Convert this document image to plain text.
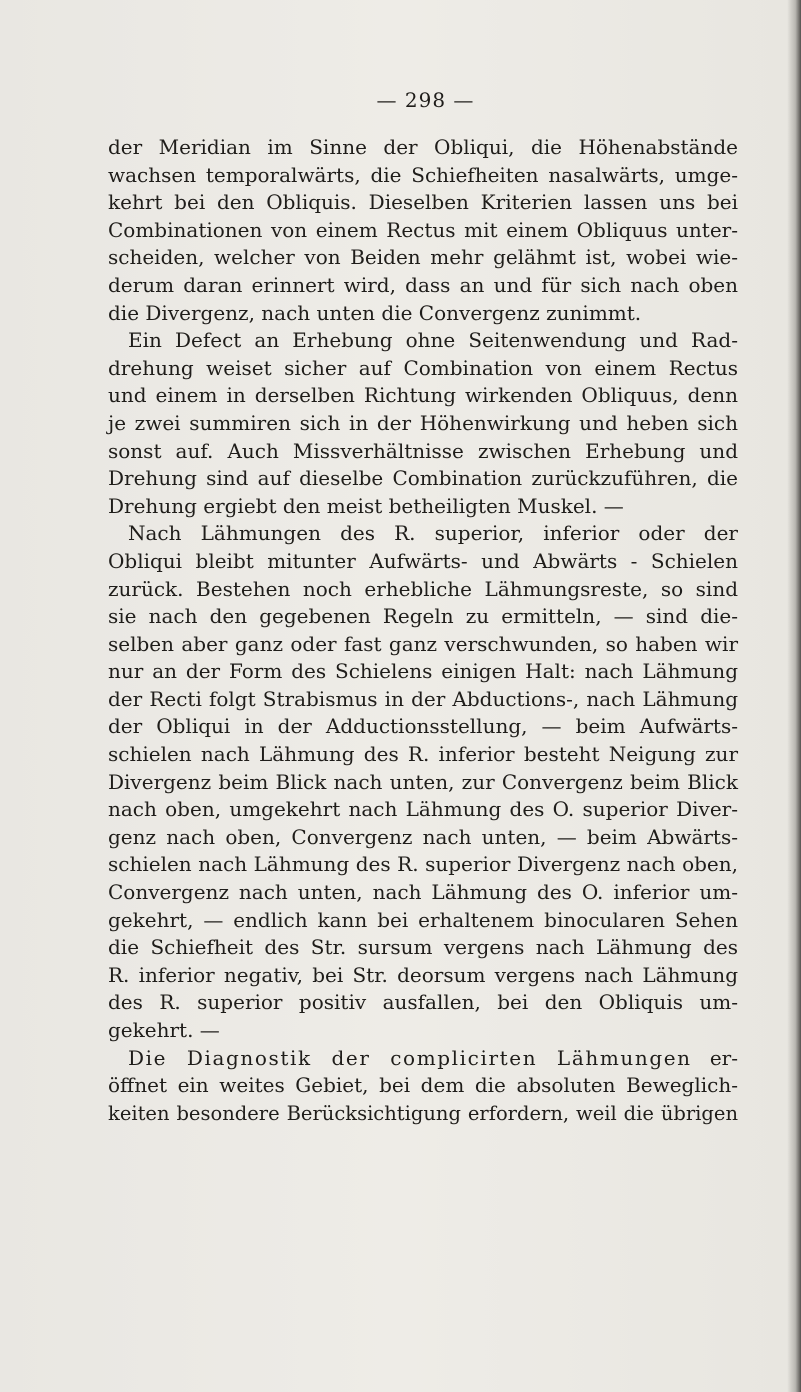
— 298 —

der Meridian im Sinne der Obliqui, die Höhenabstände
wachsen temporalwärts, die Schiefheiten nasalwärts, umge-
kehrt bei den Obliquis. Dieselben Kriterien lassen uns bei
Combinationen von einem Rectus mit einem Obliquus unter-
scheiden, welcher von Beiden mehr gelähmt ist, wobei wie-
derum daran erinnert wird, dass an und für sich nach oben
die Divergenz, nach unten die Convergenz zunimmt.

Ein Defect an Erhebung ohne Seitenwendung und Rad-
drehung weiset sicher auf Combination von einem Rectus
und einem in derselben Richtung wirkenden Obliquus, denn
je zwei summiren sich in der Höhenwirkung und heben sich
sonst auf. Auch Missverhältnisse zwischen Erhebung und
Drehung sind auf dieselbe Combination zurückzuführen, die
Drehung ergiebt den meist betheiligten Muskel. —

Nach Lähmungen des R. superior, inferior oder der
Obliqui bleibt mitunter Aufwärts- und Abwärts - Schielen
zurück. Bestehen noch erhebliche Lähmungsreste, so sind
sie nach den gegebenen Regeln zu ermitteln, — sind die-
selben aber ganz oder fast ganz verschwunden, so haben wir
nur an der Form des Schielens einigen Halt: nach Lähmung
der Recti folgt Strabismus in der Abductions-, nach Lähmung
der Obliqui in der Adductionsstellung, — beim Aufwärts-
schielen nach Lähmung des R. inferior besteht Neigung zur
Divergenz beim Blick nach unten, zur Convergenz beim Blick
nach oben, umgekehrt nach Lähmung des O. superior Diver-
genz nach oben, Convergenz nach unten, — beim Abwärts-
schielen nach Lähmung des R. superior Divergenz nach oben,
Convergenz nach unten, nach Lähmung des O. inferior um-
gekehrt, — endlich kann bei erhaltenem binocularen Sehen
die Schiefheit des Str. sursum vergens nach Lähmung des
R. inferior negativ, bei Str. deorsum vergens nach Lähmung
des R. superior positiv ausfallen, bei den Obliquis um-
gekehrt. —

Die Diagnostik der complicirten Lähmungen er-
öffnet ein weites Gebiet, bei dem die absoluten Beweglich-
keiten besondere Berücksichtigung erfordern, weil die übrigen
